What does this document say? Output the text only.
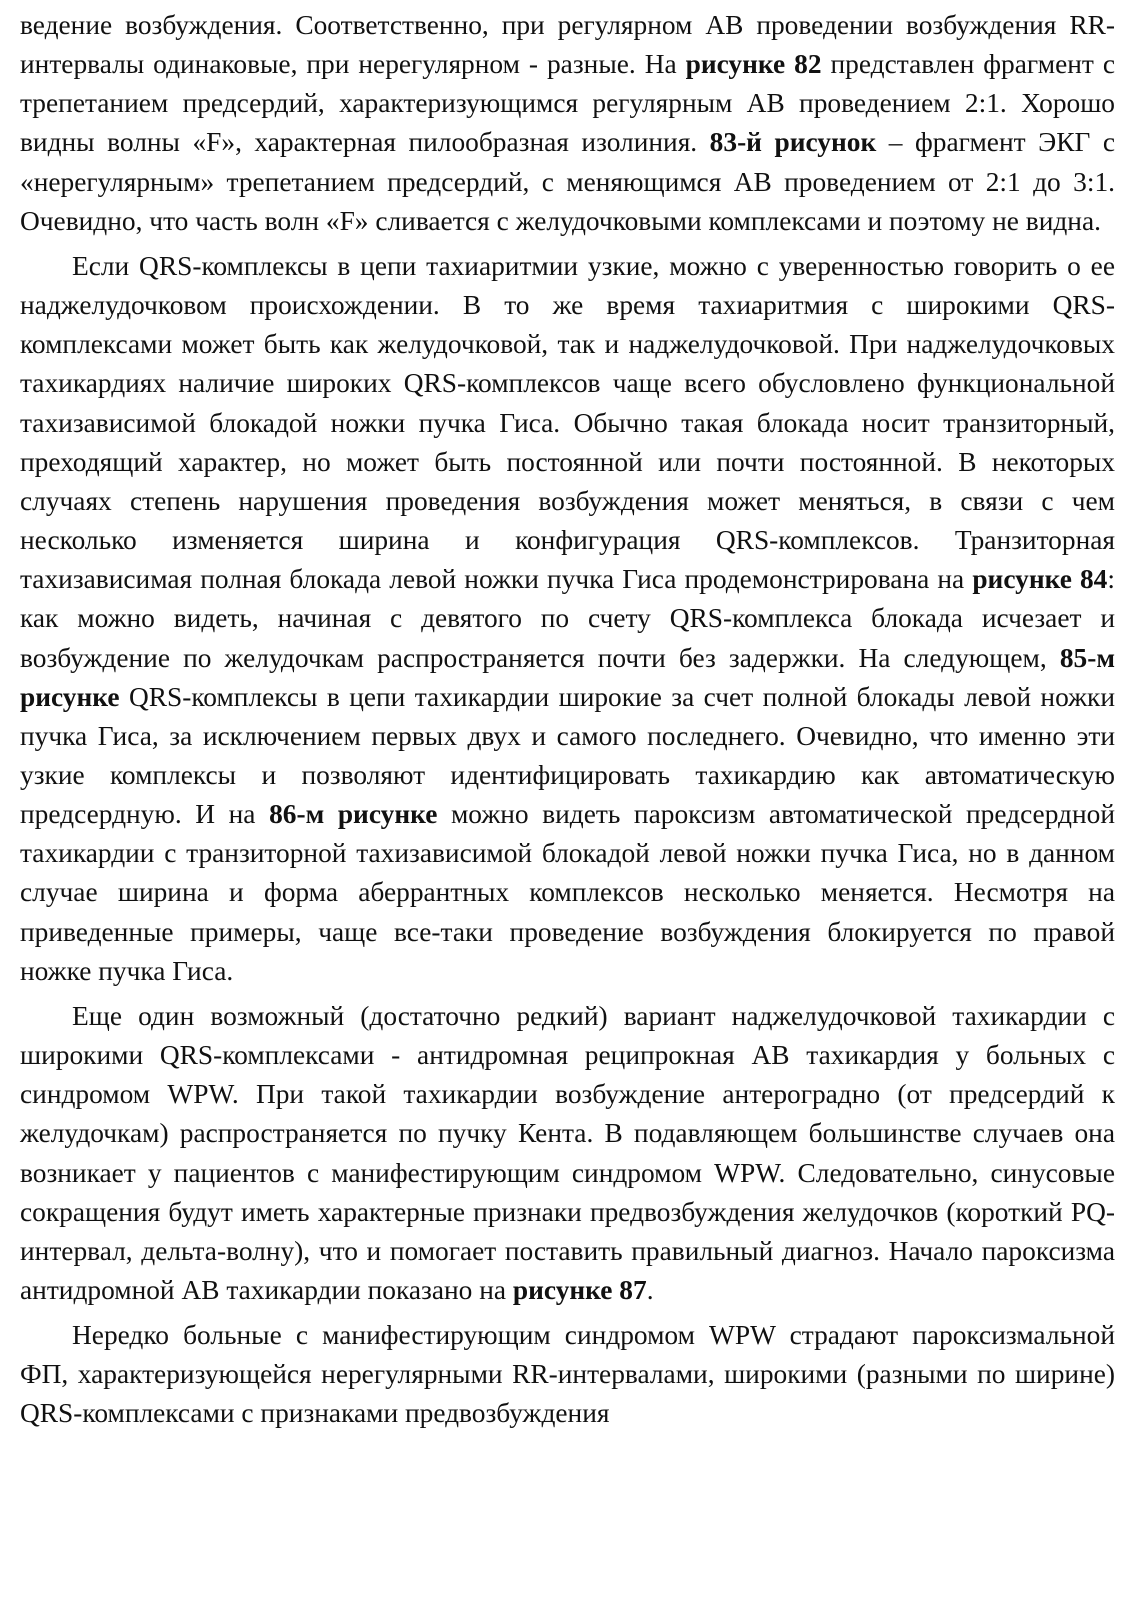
ведение возбуждения. Соответственно, при регулярном АВ проведении возбуждения RR-интервалы одинаковые, при нерегулярном - разные. На рисунке 82 представлен фрагмент с трепетанием предсердий, характеризующимся регулярным АВ проведением 2:1. Хорошо видны волны «F», характерная пилообразная изолиния. 83-й рисунок – фрагмент ЭКГ с «нерегулярным» трепетанием предсердий, с меняющимся АВ проведением от 2:1 до 3:1. Очевидно, что часть волн «F» сливается с желудочковыми комплексами и поэтому не видна.

Если QRS-комплексы в цепи тахиаритмии узкие, можно с уверенностью говорить о ее наджелудочковом происхождении. В то же время тахиаритмия с широкими QRS-комплексами может быть как желудочковой, так и наджелудочковой. При наджелудочковых тахикардиях наличие широких QRS-комплексов чаще всего обусловлено функциональной тахизависимой блокадой ножки пучка Гиса. Обычно такая блокада носит транзиторный, преходящий характер, но может быть постоянной или почти постоянной. В некоторых случаях степень нарушения проведения возбуждения может меняться, в связи с чем несколько изменяется ширина и конфигурация QRS-комплексов. Транзиторная тахизависимая полная блокада левой ножки пучка Гиса продемонстрирована на рисунке 84: как можно видеть, начиная с девятого по счету QRS-комплекса блокада исчезает и возбуждение по желудочкам распространяется почти без задержки. На следующем, 85-м рисунке QRS-комплексы в цепи тахикардии широкие за счет полной блокады левой ножки пучка Гиса, за исключением первых двух и самого последнего. Очевидно, что именно эти узкие комплексы и позволяют идентифицировать тахикардию как автоматическую предсердную. И на 86-м рисунке можно видеть пароксизм автоматической предсердной тахикардии с транзиторной тахизависимой блокадой левой ножки пучка Гиса, но в данном случае ширина и форма аберрантных комплексов несколько меняется. Несмотря на приведенные примеры, чаще все-таки проведение возбуждения блокируется по правой ножке пучка Гиса.

Еще один возможный (достаточно редкий) вариант наджелудочковой тахикардии с широкими QRS-комплексами - антидромная реципрокная АВ тахикардия у больных с синдромом WPW. При такой тахикардии возбуждение антероградно (от предсердий к желудочкам) распространяется по пучку Кента. В подавляющем большинстве случаев она возникает у пациентов с манифестирующим синдромом WPW. Следовательно, синусовые сокращения будут иметь характерные признаки предвозбуждения желудочков (короткий PQ-интервал, дельта-волну), что и помогает поставить правильный диагноз. Начало пароксизма антидромной АВ тахикардии показано на рисунке 87.

Нередко больные с манифестирующим синдромом WPW страдают пароксизмальной ФП, характеризующейся нерегулярными RR-интервалами, широкими (разными по ширине) QRS-комплексами с признаками предвозбуждения
